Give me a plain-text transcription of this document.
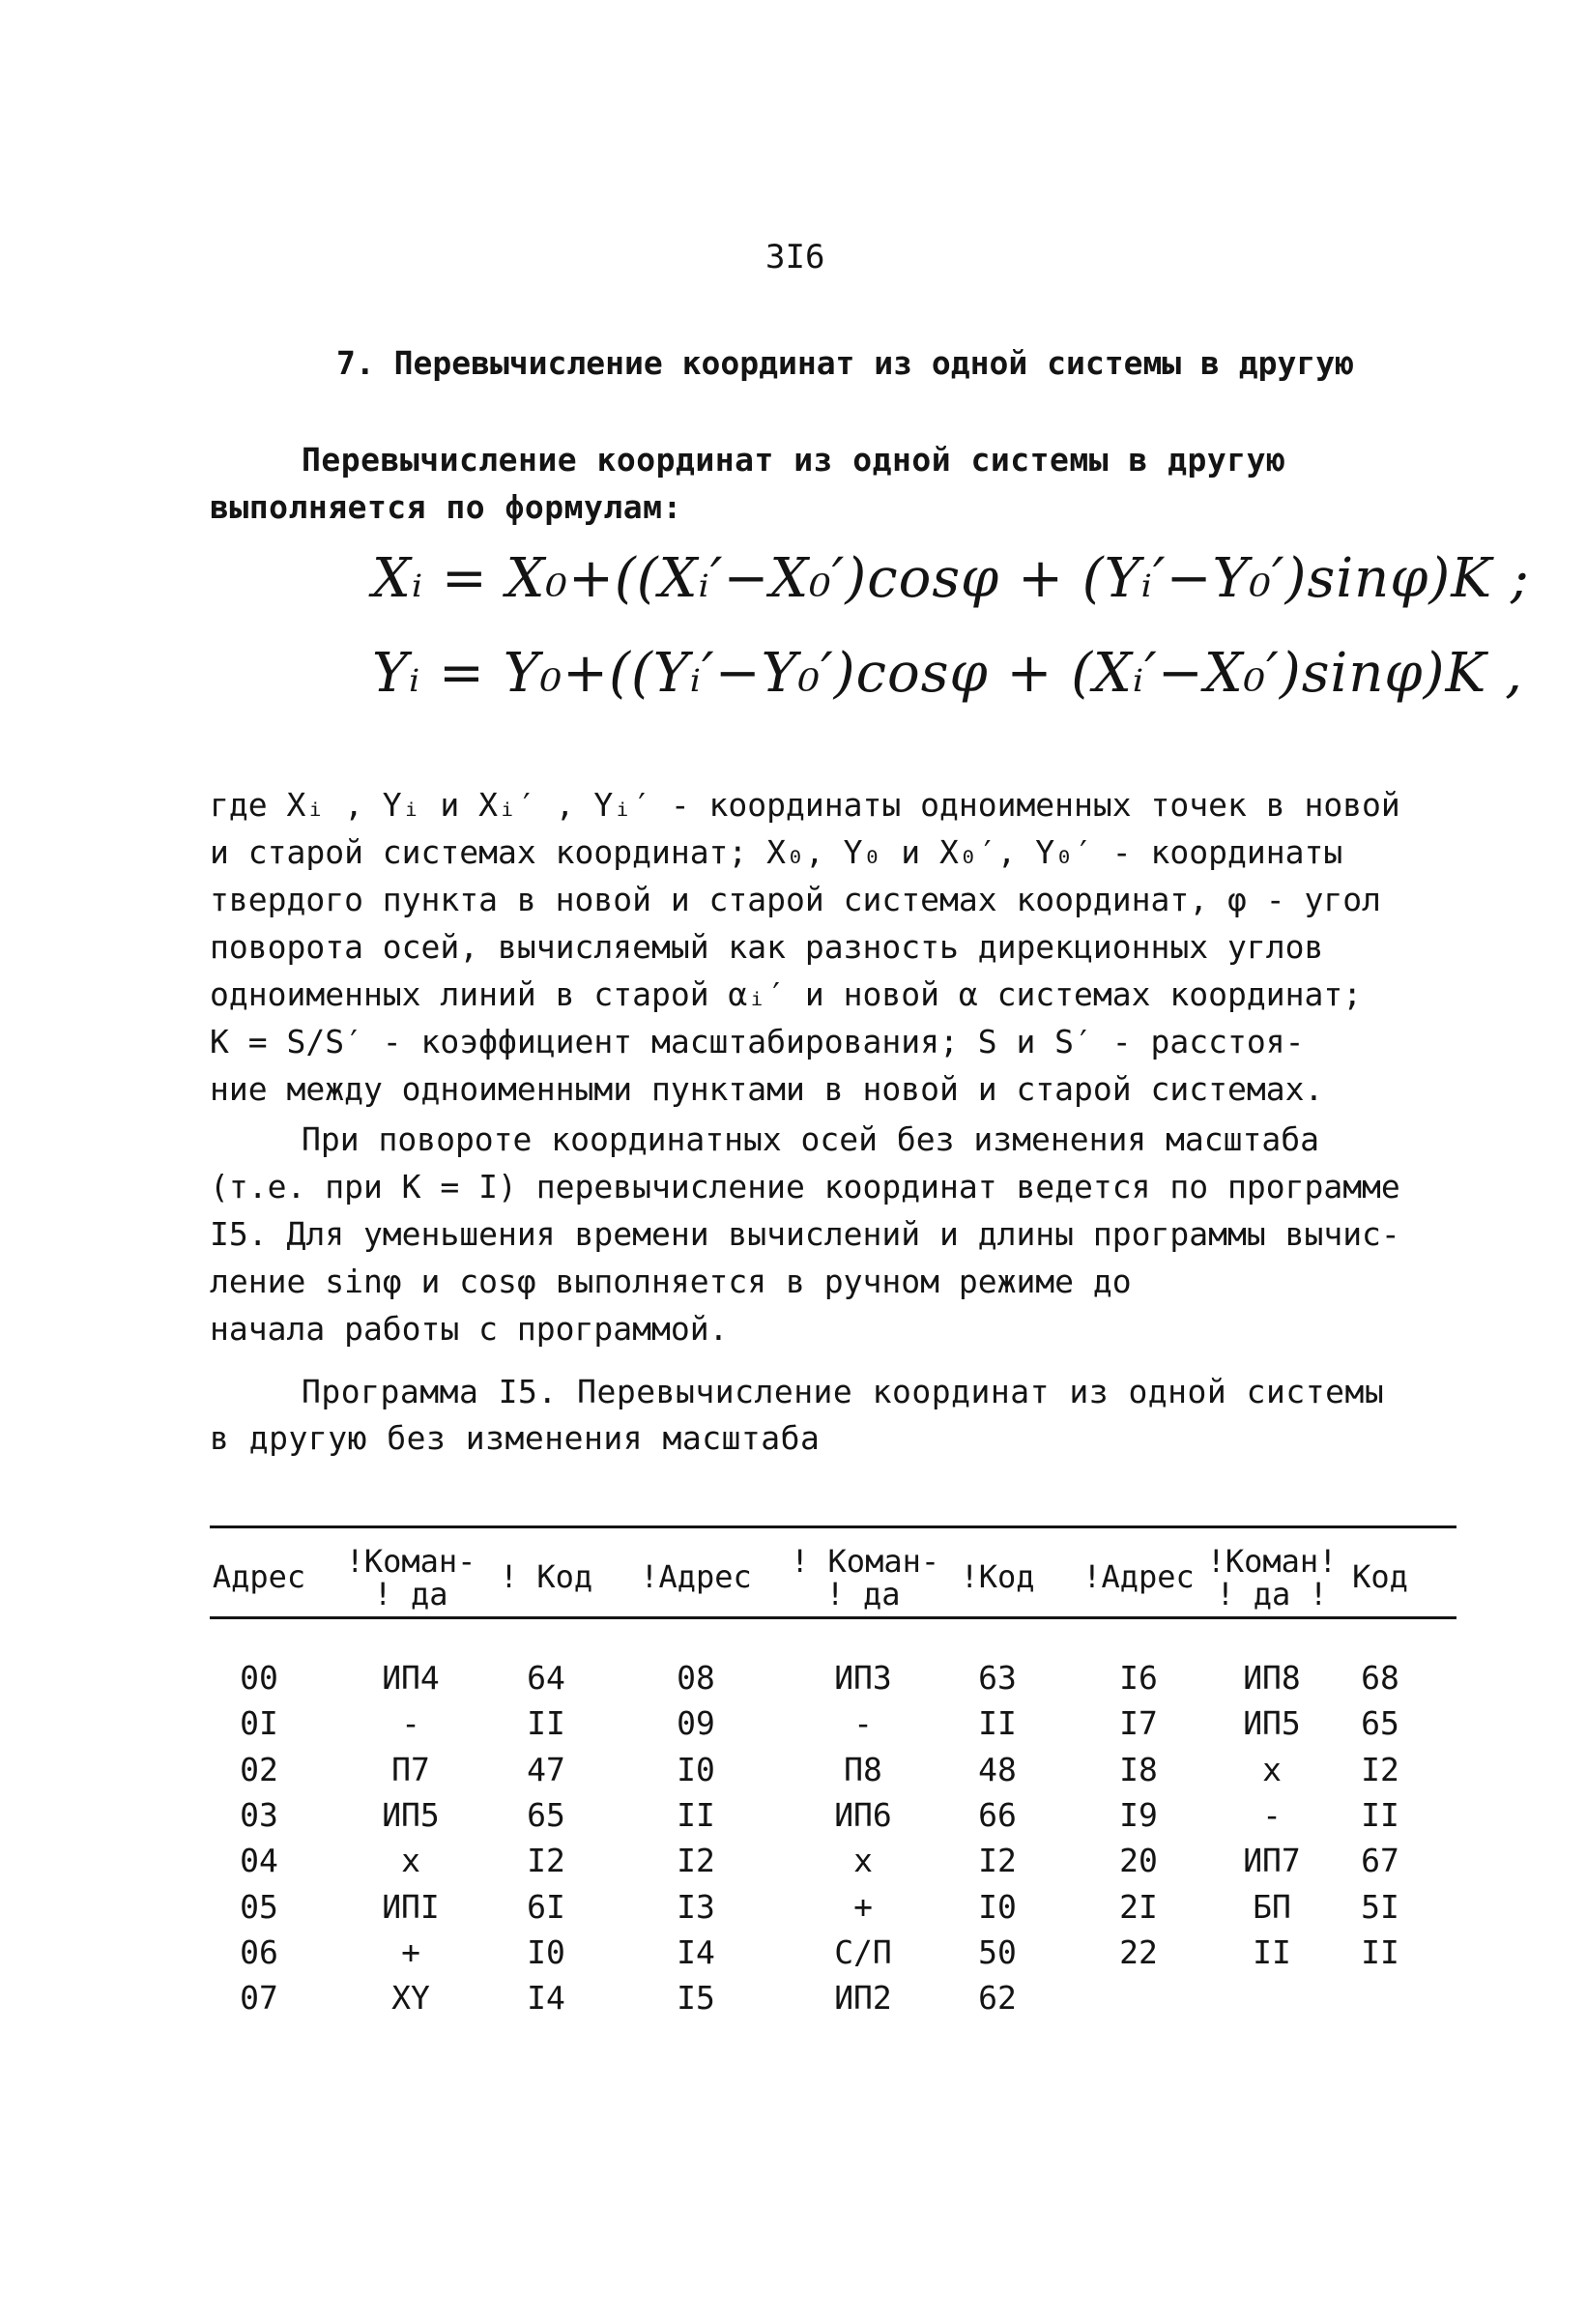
3I6
7. Перевычисление координат из одной системы в другую
Перевычисление координат из одной системы в другую
выполняется по формулам:
Xᵢ = X₀+((Xᵢ′−X₀′)cosφ + (Yᵢ′−Y₀′)sinφ)K ;
Yᵢ = Y₀+((Yᵢ′−Y₀′)cosφ + (Xᵢ′−X₀′)sinφ)K ,

где Xᵢ , Yᵢ и Xᵢ′ , Yᵢ′ - координаты одноименных точек в новой

и старой системах координат; X₀, Y₀ и X₀′, Y₀′ - координаты

твердого пункта в новой и старой системах координат, φ - угол

поворота осей, вычисляемый как разность дирекционных углов

одноименных линий в старой αᵢ′ и новой α системах координат;

K = S/S′ - коэффициент масштабирования; S и S′ - расстоя-

ние между одноименными пунктами в новой и старой системах.

При повороте координатных осей без изменения масштаба

(т.е. при K = I) перевычисление координат ведется по программе

I5. Для уменьшения времени вычислений и длины программы вычис-

ление sinφ и cosφ выполняется в ручном режиме до

начала работы с программой.

Программа I5. Перевычисление координат из одной системы
в другую без изменения масштаба
Адрес	!Коман-
! да	! Код	!Адрес	! Коман-
! да	!Код	!Адрес !Коман!
! да ! Код
00	ИП4	64	08	ИП3	63	I6	ИП8	68
0I	-	II	09	-	II	I7	ИП5	65
02	П7	47	I0	П8	48	I8	x	I2
03	ИП5	65	II	ИП6	66	I9	-	II
04	x	I2	I2	x	I2	20	ИП7	67
05	ИПI	6I	I3	+	I0	2I	БП	5I
06	+	I0	I4	С/П	50	22	II	II
07	XY	I4	I5	ИП2	62
